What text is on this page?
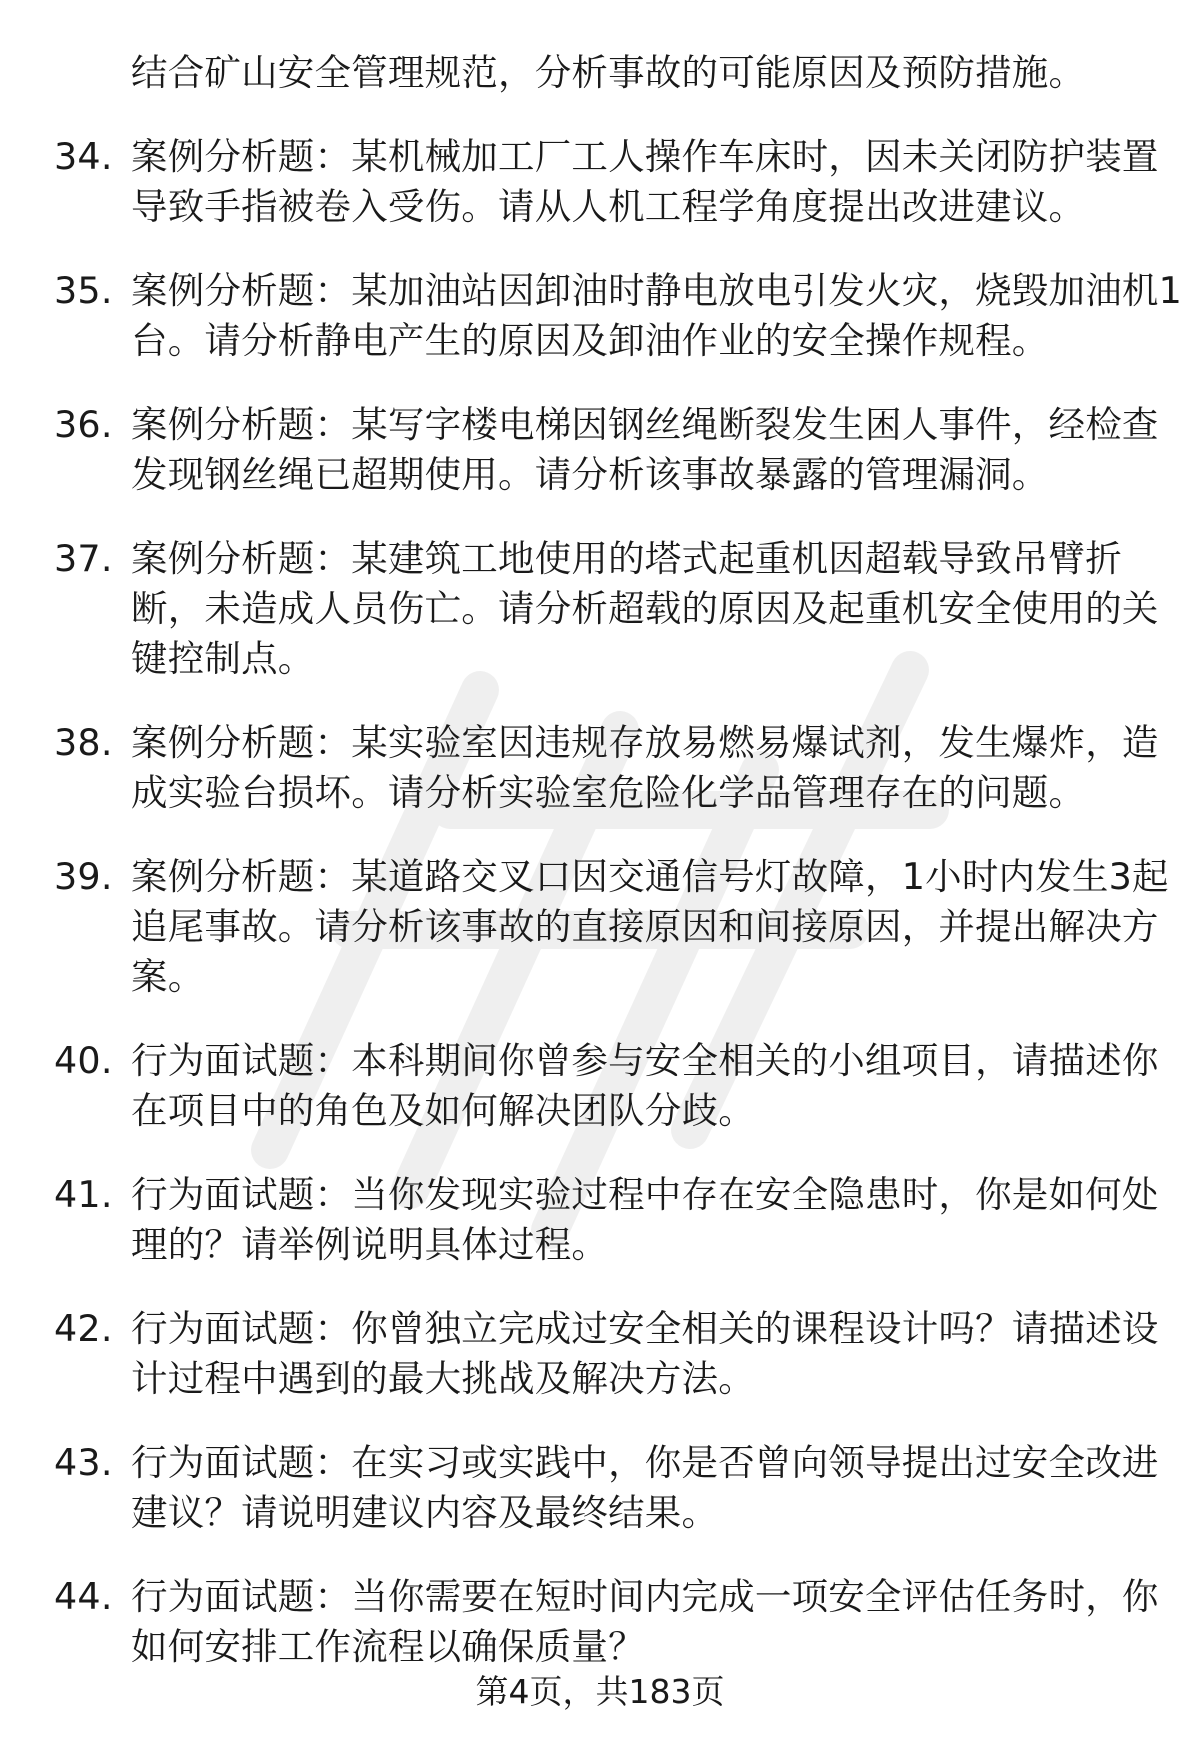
结合矿山安全管理规范，分析事故的可能原因及预防措施。
34. 案例分析题：某机械加工厂工人操作车床时，因未关闭防护装置
导致手指被卷入受伤。请从人机工程学角度提出改进建议。
35. 案例分析题：某加油站因卸油时静电放电引发火灾，烧毁加油机1
台。请分析静电产生的原因及卸油作业的安全操作规程。
36. 案例分析题：某写字楼电梯因钢丝绳断裂发生困人事件，经检查
发现钢丝绳已超期使用。请分析该事故暴露的管理漏洞。
37. 案例分析题：某建筑工地使用的塔式起重机因超载导致吊臂折
断，未造成人员伤亡。请分析超载的原因及起重机安全使用的关
键控制点。
38. 案例分析题：某实验室因违规存放易燃易爆试剂，发生爆炸，造
成实验台损坏。请分析实验室危险化学品管理存在的问题。
39. 案例分析题：某道路交叉口因交通信号灯故障，1小时内发生3起
追尾事故。请分析该事故的直接原因和间接原因，并提出解决方
案。
40. 行为面试题：本科期间你曾参与安全相关的小组项目，请描述你
在项目中的角色及如何解决团队分歧。
41. 行为面试题：当你发现实验过程中存在安全隐患时，你是如何处
理的？请举例说明具体过程。
42. 行为面试题：你曾独立完成过安全相关的课程设计吗？请描述设
计过程中遇到的最大挑战及解决方法。
43. 行为面试题：在实习或实践中，你是否曾向领导提出过安全改进
建议？请说明建议内容及最终结果。
44. 行为面试题：当你需要在短时间内完成一项安全评估任务时，你
如何安排工作流程以确保质量？
第4页，共183页
